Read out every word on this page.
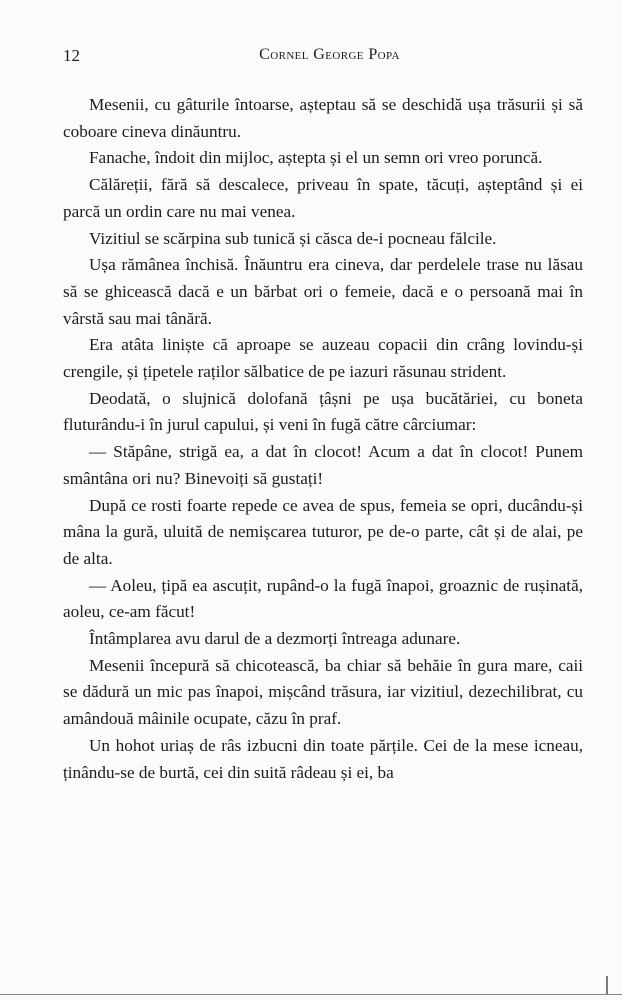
12	Cornel George Popa

Mesenii, cu gâturile întoarse, așteptau să se deschidă ușa trăsurii și să coboare cineva dinăuntru.

Fanache, îndoit din mijloc, aștepta și el un semn ori vreo poruncă.

Călăreții, fără să descalece, priveau în spate, tăcuți, așteptând și ei parcă un ordin care nu mai venea.

Vizitiul se scărpina sub tunică și căsca de-i pocneau fălcile.

Ușa rămânea închisă. Înăuntru era cineva, dar perdelele trase nu lăsau să se ghicească dacă e un bărbat ori o femeie, dacă e o persoană mai în vârstă sau mai tânără.

Era atâta liniște că aproape se auzeau copacii din crâng lovindu-și crengile, și țipetele raților sălbatice de pe iazuri răsunau strident.

Deodată, o slujnică dolofană țâșni pe ușa bucătăriei, cu boneta fluturându-i în jurul capului, și veni în fugă către cârciumar:

— Stăpâne, strigă ea, a dat în clocot! Acum a dat în clocot! Punem smântâna ori nu? Binevoiți să gustați!

După ce rosti foarte repede ce avea de spus, femeia se opri, ducându-și mâna la gură, uluită de nemișcarea tuturor, pe de-o parte, cât și de alai, pe de alta.

— Aoleu, țipă ea ascuțit, rupând-o la fugă înapoi, groaznic de rușinată, aoleu, ce-am făcut!

Întâmplarea avu darul de a dezmorți întreaga adunare.

Mesenii începură să chicotească, ba chiar să behăie în gura mare, caii se dădură un mic pas înapoi, mișcând trăsura, iar vizitiul, dezechilibrat, cu amândouă mâinile ocupate, căzu în praf.

Un hohot uriaș de râs izbucni din toate părțile. Cei de la mese icneau, ținându-se de burtă, cei din suită râdeau și ei, ba
